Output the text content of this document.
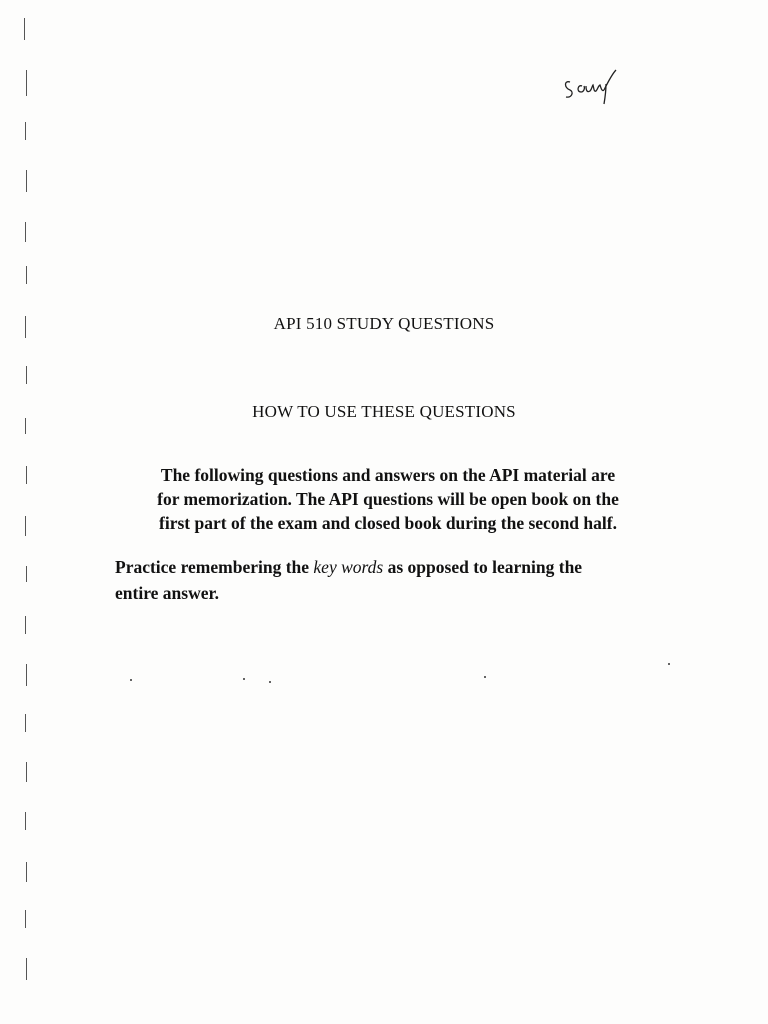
API 510 STUDY QUESTIONS
HOW TO USE THESE QUESTIONS

The following questions and answers on the API material are
for memorization. The API questions will be open book on the
first part of the exam and closed book during the second half.

Practice remembering the key words as opposed to learning the
entire answer.
